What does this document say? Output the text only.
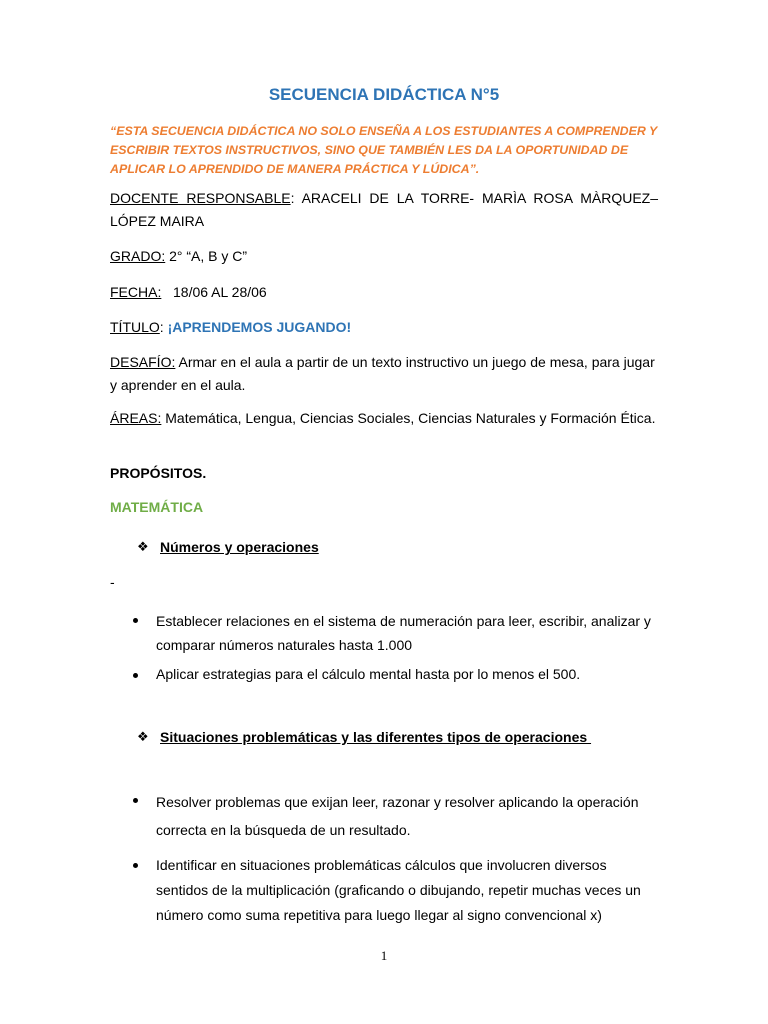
SECUENCIA DIDÁCTICA N°5

“ESTA SECUENCIA DIDÁCTICA NO SOLO ENSEÑA A LOS ESTUDIANTES A COMPRENDER Y ESCRIBIR TEXTOS INSTRUCTIVOS, SINO QUE TAMBIÉN LES DA LA OPORTUNIDAD DE APLICAR LO APRENDIDO DE MANERA PRÁCTICA Y LÚDICA”.

DOCENTE RESPONSABLE: ARACELI DE LA TORRE- MARÌA ROSA MÀRQUEZ– LÓPEZ MAIRA

GRADO: 2° “A, B y C”

FECHA:   18/06 AL 28/06

TÍTULO: ¡APRENDEMOS JUGANDO!

DESAFÍO: Armar en el aula a partir de un texto instructivo un juego de mesa, para jugar y aprender en el aula.

ÁREAS: Matemática, Lengua, Ciencias Sociales, Ciencias Naturales y Formación Ética.

PROPÓSITOS.

MATEMÁTICA

❖ Números y operaciones
-

Establecer relaciones en el sistema de numeración para leer, escribir, analizar y comparar números naturales hasta 1.000

Aplicar estrategias para el cálculo mental hasta por lo menos el 500.

❖ Situaciones problemáticas y las diferentes tipos de operaciones

Resolver problemas que exijan leer, razonar y resolver aplicando la operación correcta en la búsqueda de un resultado.

Identificar en situaciones problemáticas cálculos que involucren diversos sentidos de la multiplicación (graficando o dibujando, repetir muchas veces un número como suma repetitiva para luego llegar al signo convencional x)

1
